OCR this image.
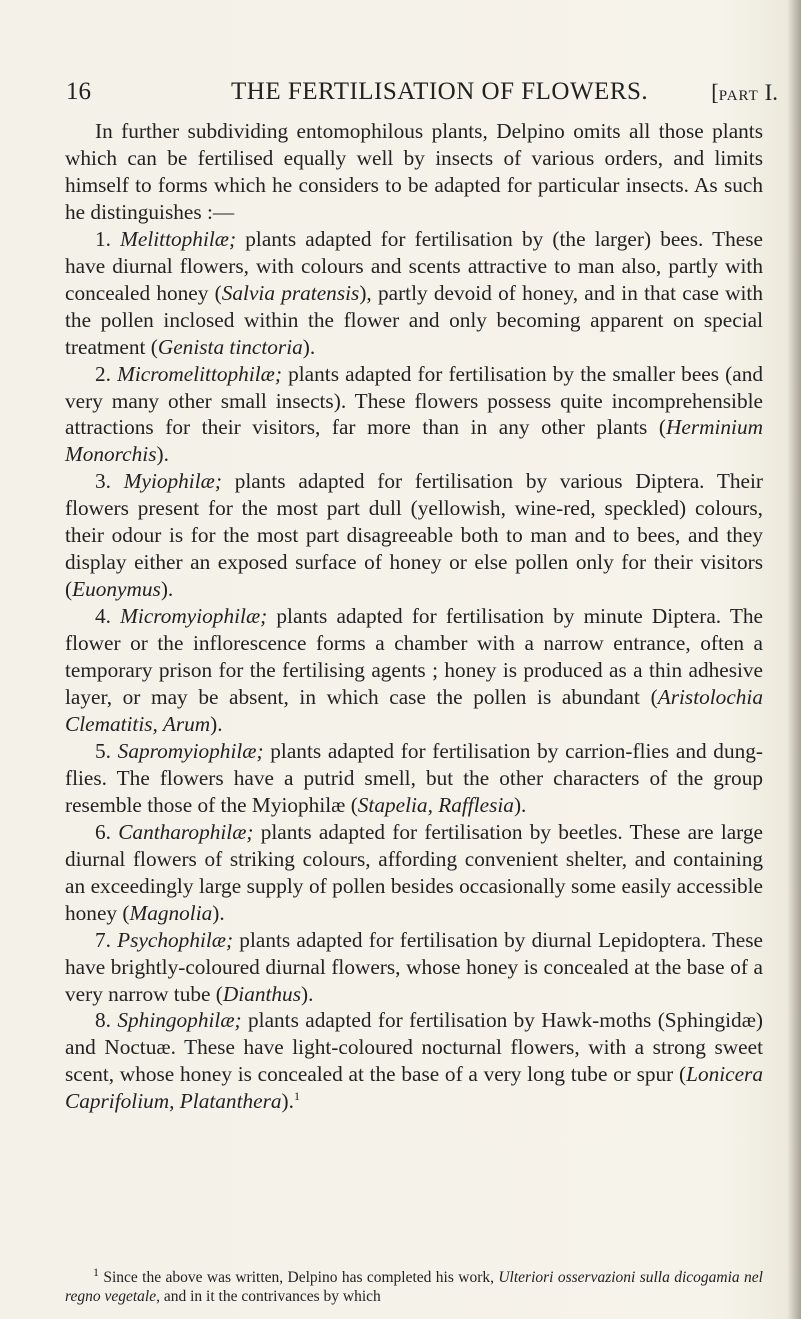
16	THE FERTILISATION OF FLOWERS.	[PART I.

In further subdividing entomophilous plants, Delpino omits all those plants which can be fertilised equally well by insects of various orders, and limits himself to forms which he considers to be adapted for particular insects. As such he distinguishes :—

1. Melittophilæ; plants adapted for fertilisation by (the larger) bees. These have diurnal flowers, with colours and scents attractive to man also, partly with concealed honey (Salvia pratensis), partly devoid of honey, and in that case with the pollen inclosed within the flower and only becoming apparent on special treatment (Genista tinctoria).

2. Micromelittophilæ; plants adapted for fertilisation by the smaller bees (and very many other small insects). These flowers possess quite incomprehensible attractions for their visitors, far more than in any other plants (Herminium Monorchis).

3. Myiophilæ; plants adapted for fertilisation by various Diptera. Their flowers present for the most part dull (yellowish, wine-red, speckled) colours, their odour is for the most part disagreeable both to man and to bees, and they display either an exposed surface of honey or else pollen only for their visitors (Euonymus).

4. Micromyiophilæ; plants adapted for fertilisation by minute Diptera. The flower or the inflorescence forms a chamber with a narrow entrance, often a temporary prison for the fertilising agents ; honey is produced as a thin adhesive layer, or may be absent, in which case the pollen is abundant (Aristolochia Clematitis, Arum).

5. Sapromyiophilæ; plants adapted for fertilisation by carrion-flies and dung-flies. The flowers have a putrid smell, but the other characters of the group resemble those of the Myiophilæ (Stapelia, Rafflesia).

6. Cantharophilæ; plants adapted for fertilisation by beetles. These are large diurnal flowers of striking colours, affording convenient shelter, and containing an exceedingly large supply of pollen besides occasionally some easily accessible honey (Magnolia).

7. Psychophilæ; plants adapted for fertilisation by diurnal Lepidoptera. These have brightly-coloured diurnal flowers, whose honey is concealed at the base of a very narrow tube (Dianthus).

8. Sphingophilæ; plants adapted for fertilisation by Hawk-moths (Sphingidæ) and Noctuæ. These have light-coloured nocturnal flowers, with a strong sweet scent, whose honey is concealed at the base of a very long tube or spur (Lonicera Caprifolium, Platanthera).$^1$

$^1$ Since the above was written, Delpino has completed his work, Ulteriori osservazioni sulla dicogamia nel regno vegetale, and in it the contrivances by which
